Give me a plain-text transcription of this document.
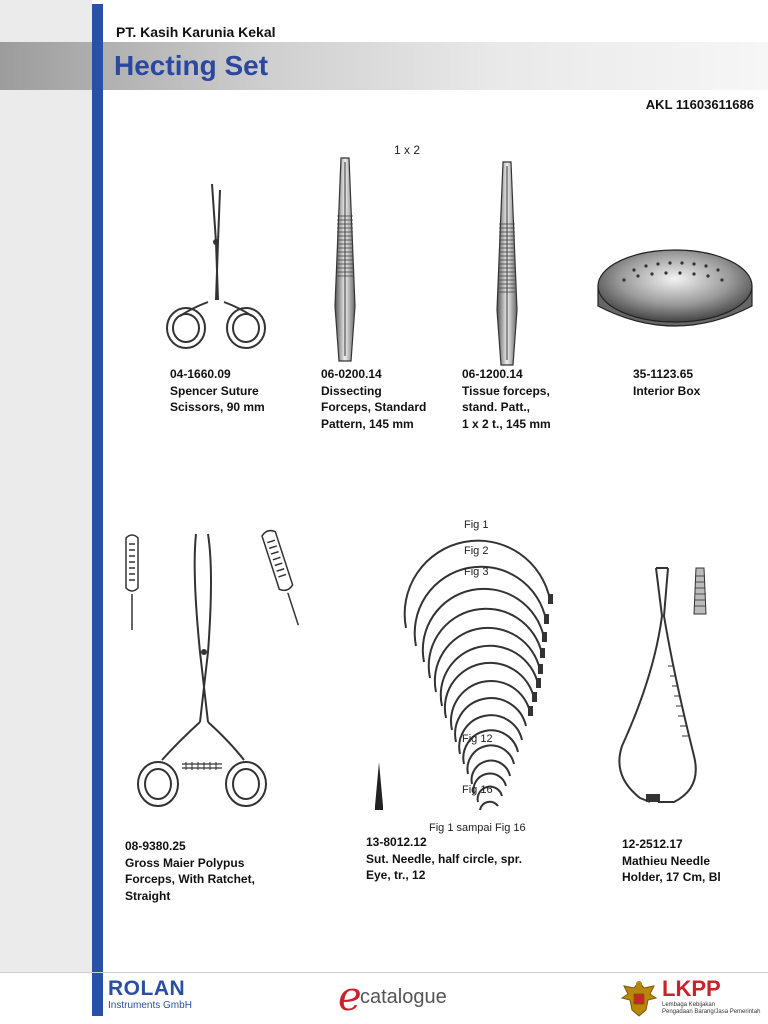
PT. Kasih Karunia Kekal
Hecting Set
AKL 11603611686
1 x 2
04-1660.09
Spencer Suture
Scissors, 90 mm
06-0200.14
Dissecting
Forceps, Standard
Pattern, 145 mm
06-1200.14
Tissue forceps,
stand. Patt.,
1 x 2 t., 145 mm
35-1123.65
Interior Box
Fig 1
Fig 2
Fig 3
Fig 12
Fig 16
Fig 1 sampai Fig 16
08-9380.25
Gross Maier Polypus
Forceps, With Ratchet,
Straight
13-8012.12
Sut. Needle, half circle, spr.
Eye, tr., 12
12-2512.17
Mathieu Needle
Holder, 17 Cm, Bl
ROLAN
Instruments GmbH	e
catalogue	LKPP
Lembaga Kebijakan
Pengadaan Barang/Jasa Pemerintah
